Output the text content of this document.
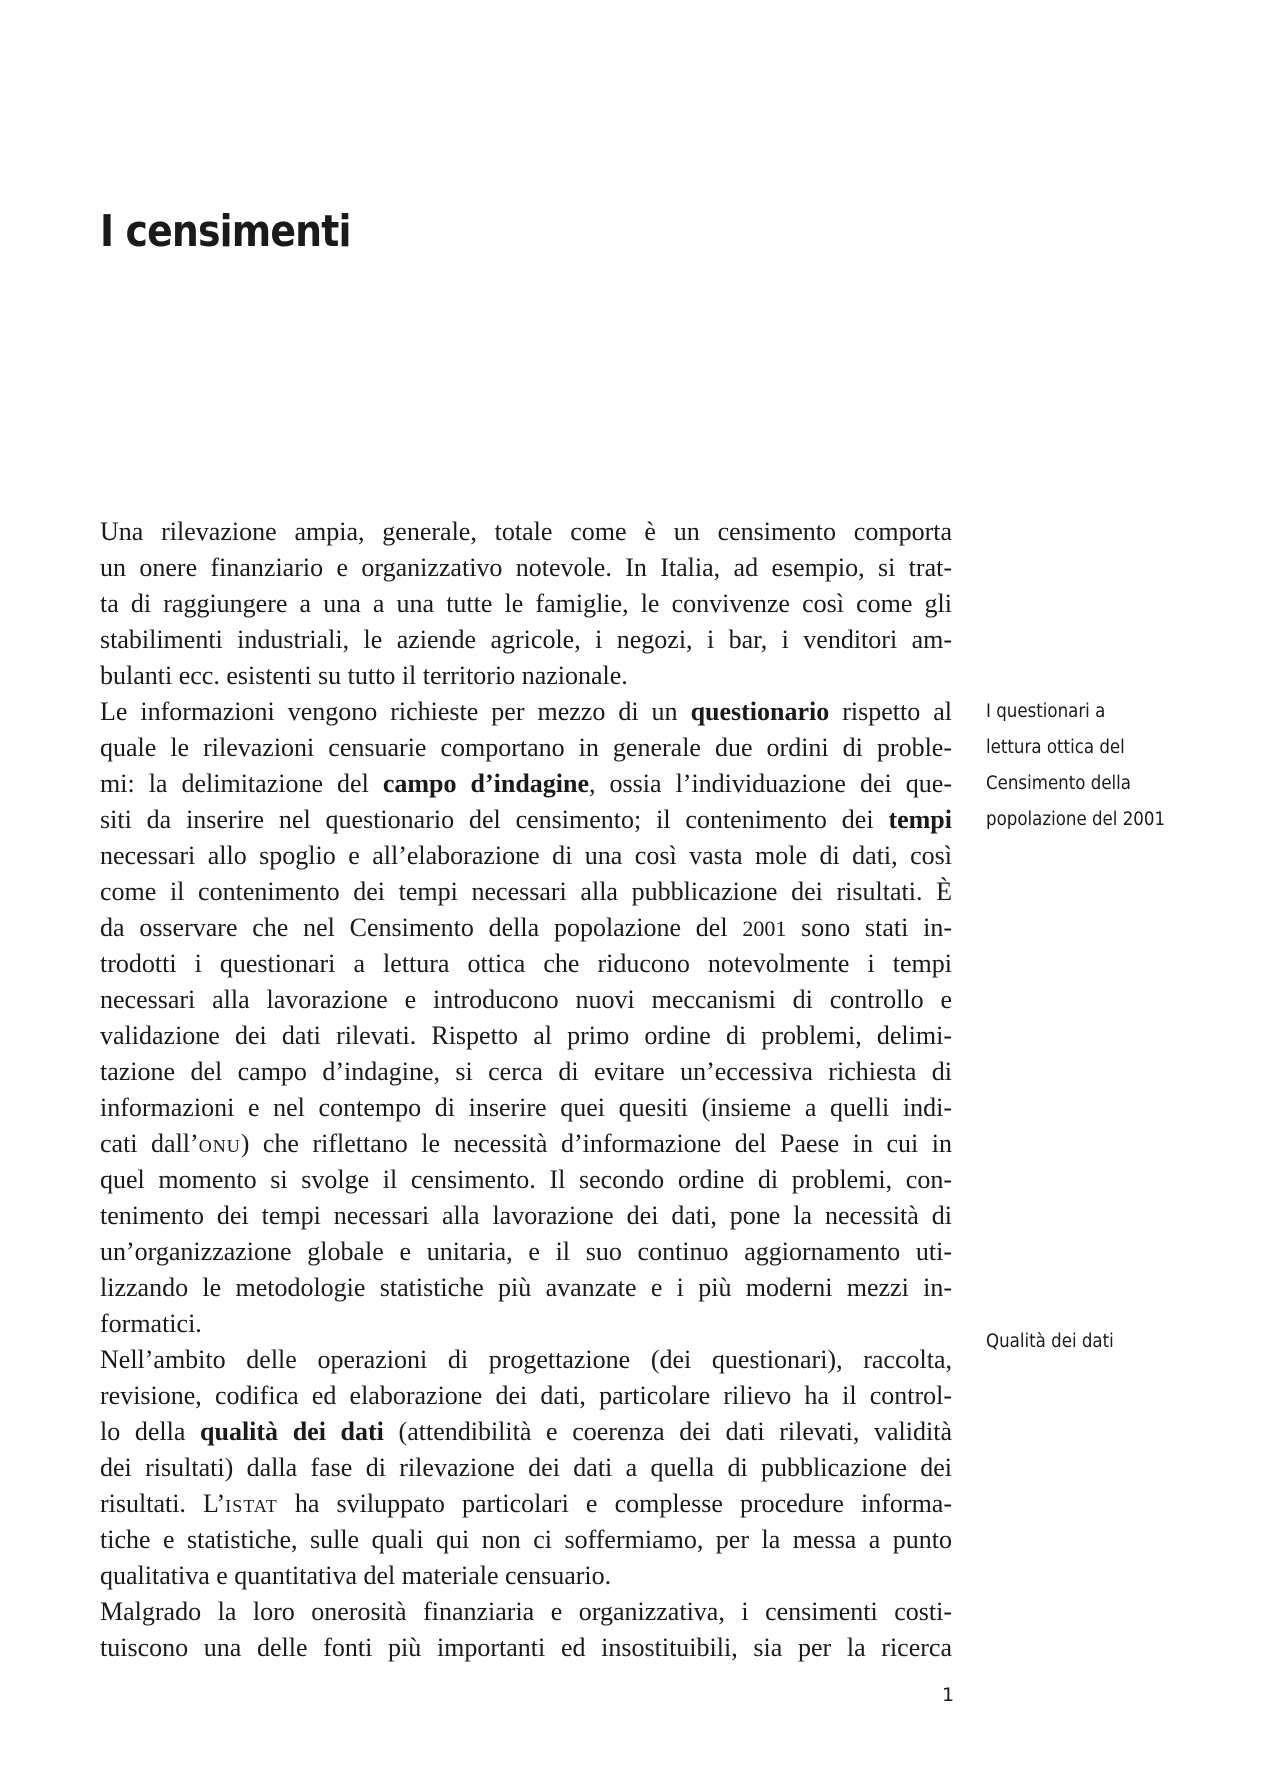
I censimenti
Una rilevazione ampia, generale, totale come è un censimento comporta
un onere finanziario e organizzativo notevole. In Italia, ad esempio, si trat-
ta di raggiungere a una a una tutte le famiglie, le convivenze così come gli
stabilimenti industriali, le aziende agricole, i negozi, i bar, i venditori am-
bulanti ecc. esistenti su tutto il territorio nazionale.
Le informazioni vengono richieste per mezzo di un questionario rispetto al
quale le rilevazioni censuarie comportano in generale due ordini di proble-
mi: la delimitazione del campo d’indagine, ossia l’individuazione dei que-
siti da inserire nel questionario del censimento; il contenimento dei tempi
necessari allo spoglio e all’elaborazione di una così vasta mole di dati, così
come il contenimento dei tempi necessari alla pubblicazione dei risultati. È
da osservare che nel Censimento della popolazione del 2001 sono stati in-
trodotti i questionari a lettura ottica che riducono notevolmente i tempi
necessari alla lavorazione e introducono nuovi meccanismi di controllo e
validazione dei dati rilevati. Rispetto al primo ordine di problemi, delimi-
tazione del campo d’indagine, si cerca di evitare un’eccessiva richiesta di
informazioni e nel contempo di inserire quei quesiti (insieme a quelli indi-
cati dall’onu) che riflettano le necessità d’informazione del Paese in cui in
quel momento si svolge il censimento. Il secondo ordine di problemi, con-
tenimento dei tempi necessari alla lavorazione dei dati, pone la necessità di
un’organizzazione globale e unitaria, e il suo continuo aggiornamento uti-
lizzando le metodologie statistiche più avanzate e i più moderni mezzi in-
formatici.
Nell’ambito delle operazioni di progettazione (dei questionari), raccolta,
revisione, codifica ed elaborazione dei dati, particolare rilievo ha il control-
lo della qualità dei dati (attendibilità e coerenza dei dati rilevati, validità
dei risultati) dalla fase di rilevazione dei dati a quella di pubblicazione dei
risultati. L’istat ha sviluppato particolari e complesse procedure informa-
tiche e statistiche, sulle quali qui non ci soffermiamo, per la messa a punto
qualitativa e quantitativa del materiale censuario.
Malgrado la loro onerosità finanziaria e organizzativa, i censimenti costi-
tuiscono una delle fonti più importanti ed insostituibili, sia per la ricerca
I questionari a
lettura ottica del
Censimento della
popolazione del 2001
Qualità dei dati
1
